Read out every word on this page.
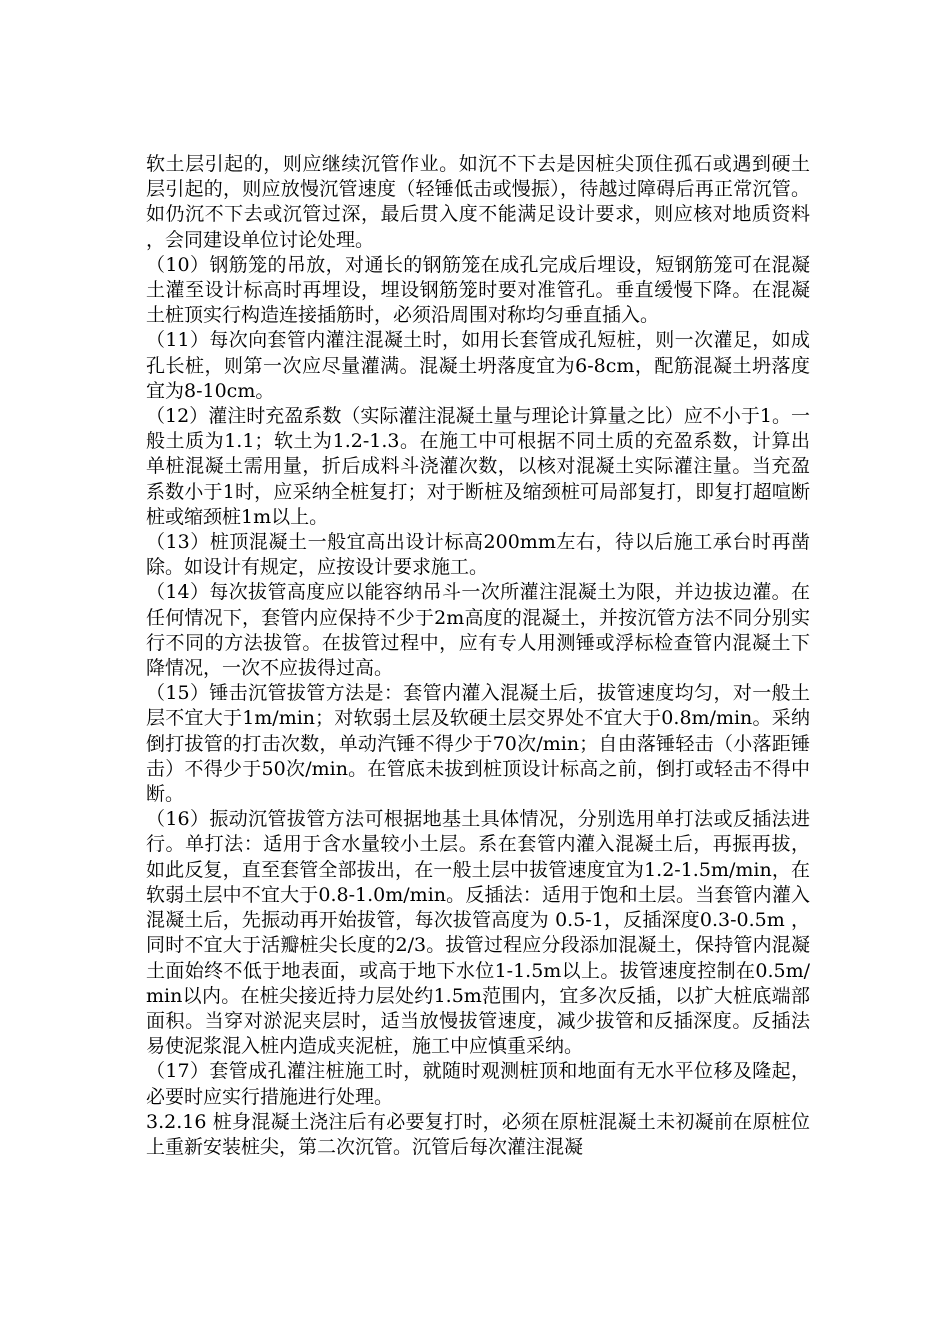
软土层引起的，则应继续沉管作业。如沉不下去是因桩尖顶住孤石或遇到硬土层引起的，则应放慢沉管速度（轻锤低击或慢振），待越过障碍后再正常沉管。如仍沉不下去或沉管过深，最后贯入度不能满足设计要求，则应核对地质资料，会同建设单位讨论处理。

（10）钢筋笼的吊放，对通长的钢筋笼在成孔完成后埋设，短钢筋笼可在混凝土灌至设计标高时再埋设，埋设钢筋笼时要对准管孔。垂直缓慢下降。在混凝土桩顶实行构造连接插筋时，必须沿周围对称均匀垂直插入。

（11）每次向套管内灌注混凝土时，如用长套管成孔短桩，则一次灌足，如成孔长桩，则第一次应尽量灌满。混凝土坍落度宜为6-8cm，配筋混凝土坍落度宜为8-10cm。

（12）灌注时充盈系数（实际灌注混凝土量与理论计算量之比）应不小于1。一般土质为1.1；软土为1.2-1.3。在施工中可根据不同土质的充盈系数，计算出单桩混凝土需用量，折后成料斗浇灌次数，以核对混凝土实际灌注量。当充盈系数小于1时，应采纳全桩复打；对于断桩及缩颈桩可局部复打，即复打超喧断桩或缩颈桩1m以上。

（13）桩顶混凝土一般宜高出设计标高200mm左右，待以后施工承台时再凿除。如设计有规定，应按设计要求施工。

（14）每次拔管高度应以能容纳吊斗一次所灌注混凝土为限，并边拔边灌。在任何情况下，套管内应保持不少于2m高度的混凝土，并按沉管方法不同分别实行不同的方法拔管。在拔管过程中，应有专人用测锤或浮标检查管内混凝土下降情况，一次不应拔得过高。

（15）锤击沉管拔管方法是：套管内灌入混凝土后，拔管速度均匀，对一般土层不宜大于1m/min；对软弱土层及软硬土层交界处不宜大于0.8m/min。采纳倒打拔管的打击次数，单动汽锤不得少于70次/min；自由落锤轻击（小落距锤击）不得少于50次/min。在管底未拔到桩顶设计标高之前，倒打或轻击不得中断。

（16）振动沉管拔管方法可根据地基土具体情况，分别选用单打法或反插法进行。单打法：适用于含水量较小土层。系在套管内灌入混凝土后，再振再拔，如此反复，直至套管全部拔出，在一般土层中拔管速度宜为1.2-1.5m/min，在软弱土层中不宜大于0.8-1.0m/min。反插法：适用于饱和土层。当套管内灌入混凝土后，先振动再开始拔管，每次拔管高度为 0.5-1，反插深度0.3-0.5m ，同时不宜大于活瓣桩尖长度的2/3。拔管过程应分段添加混凝土，保持管内混凝土面始终不低于地表面，或高于地下水位1-1.5m以上。拔管速度控制在0.5m/min以内。在桩尖接近持力层处约1.5m范围内，宜多次反插，以扩大桩底端部面积。当穿对淤泥夹层时，适当放慢拔管速度，减少拔管和反插深度。反插法易使泥浆混入桩内造成夹泥桩，施工中应慎重采纳。

（17）套管成孔灌注桩施工时，就随时观测桩顶和地面有无水平位移及隆起，必要时应实行措施进行处理。

3.2.16 桩身混凝土浇注后有必要复打时，必须在原桩混凝土未初凝前在原桩位上重新安装桩尖，第二次沉管。沉管后每次灌注混凝
